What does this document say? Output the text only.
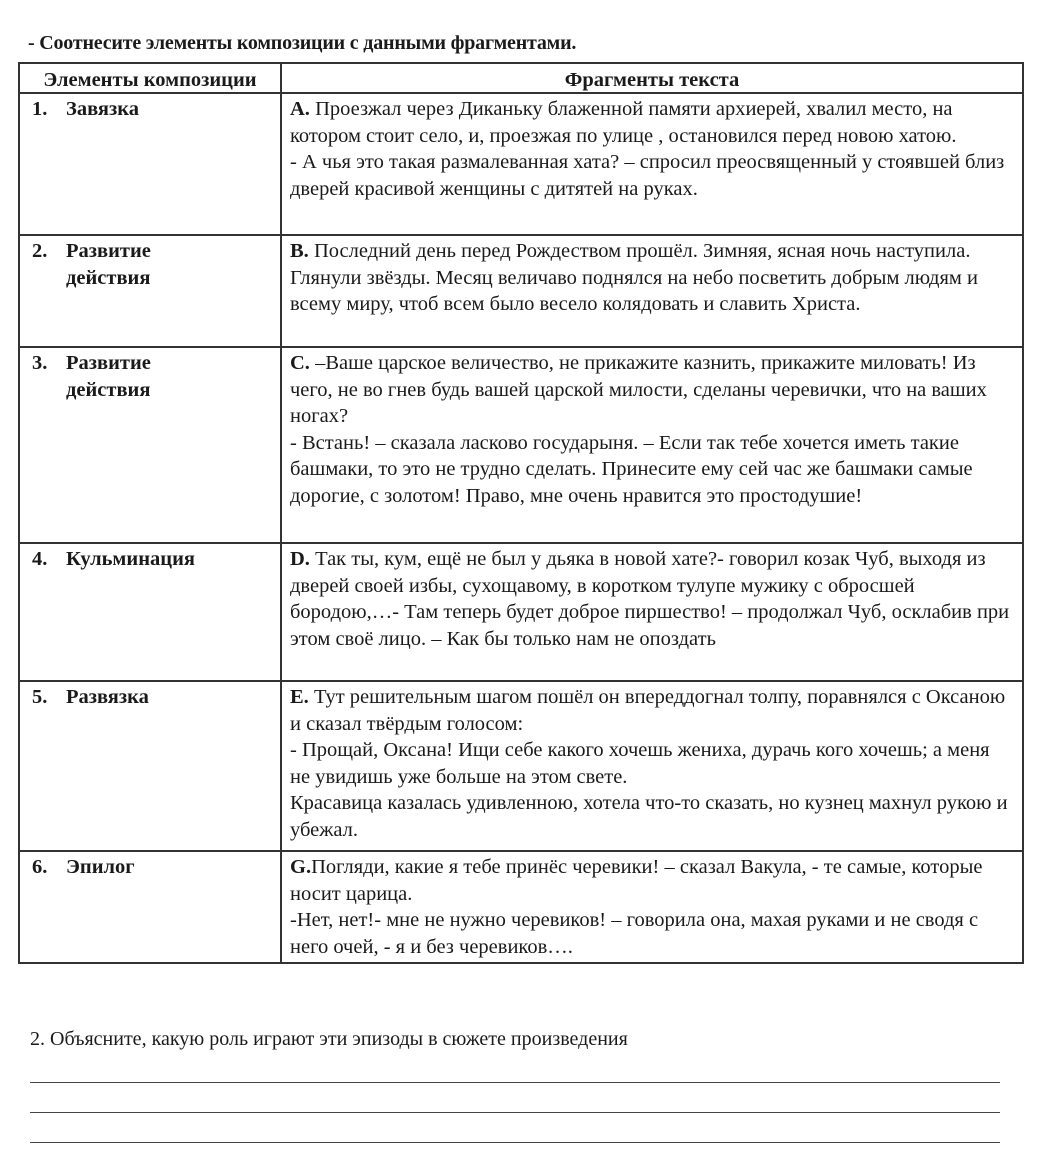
- Соотнесите элементы композиции с данными фрагментами.
Элементы композиции	Фрагменты текста
1. Завязка	А. Проезжал через Диканьку блаженной памяти архиерей, хвалил место, на котором стоит село, и, проезжая по улице , остановился перед новою хатою.

- А чья это такая размалеванная хата? – спросил преосвященный у стоявшей близ дверей красивой женщины с дитятей на руках.

2. Развитие действия	В. Последний день перед Рождеством прошёл. Зимняя, ясная ночь наступила. Глянули звёзды. Месяц величаво поднялся на небо посветить добрым людям и всему миру, чтоб всем было весело колядовать и славить Христа.

3. Развитие действия	С. –Ваше царское величество, не прикажите казнить, прикажите миловать! Из чего, не во гнев будь вашей царской милости, сделаны черевички, что на ваших ногах?

- Встань! – сказала ласково государыня. – Если так тебе хочется иметь такие башмаки, то это не трудно сделать. Принесите ему сей час же башмаки самые дорогие, с золотом! Право, мне очень нравится это простодушие!

4. Кульминация	D. Так ты, кум, ещё не был у дьяка в новой хате?- говорил козак Чуб, выходя из дверей своей избы, сухощавому, в коротком тулупе мужику с обросшей бородою,…- Там теперь будет доброе пиршество! – продолжал Чуб, осклабив при этом своё лицо. – Как бы только нам не опоздать

5. Развязка	Е. Тут решительным шагом пошёл он впереддогнал толпу, поравнялся с Оксаною и сказал твёрдым голосом:

- Прощай, Оксана! Ищи себе какого хочешь жениха, дурачь кого хочешь; а меня не увидишь уже больше на этом свете.

Красавица казалась удивленною, хотела что-то сказать, но кузнец махнул рукою и убежал.

6. Эпилог	G.Погляди, какие я тебе принёс черевики! – сказал Вакула, - те самые, которые носит царица.

-Нет, нет!- мне не нужно черевиков! – говорила она, махая руками и не сводя с него очей, - я и без черевиков….

2. Объясните, какую роль играют эти эпизоды в сюжете произведения
